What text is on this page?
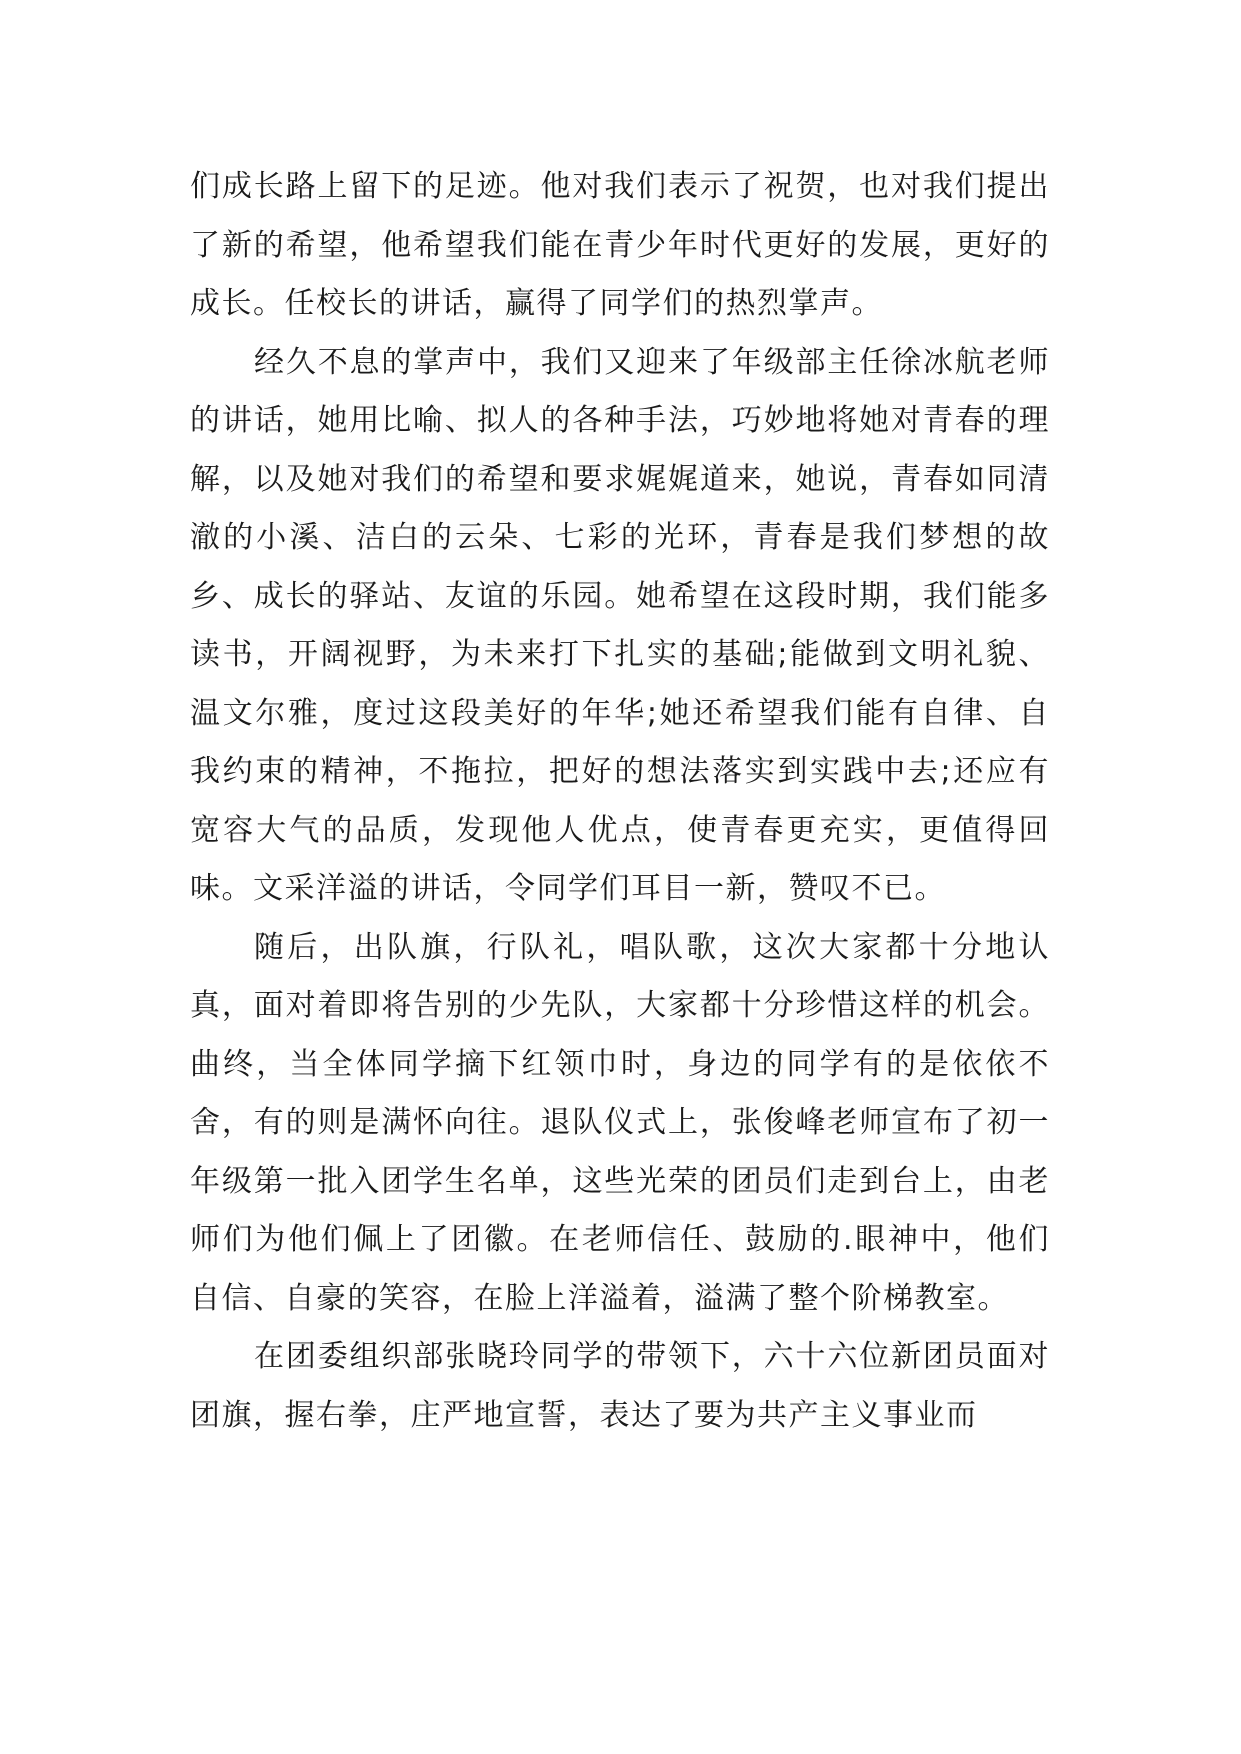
们成长路上留下的足迹。他对我们表示了祝贺，也对我们提出了新的希望，他希望我们能在青少年时代更好的发展，更好的成长。任校长的讲话，赢得了同学们的热烈掌声。

经久不息的掌声中，我们又迎来了年级部主任徐冰航老师的讲话，她用比喻、拟人的各种手法，巧妙地将她对青春的理解，以及她对我们的希望和要求娓娓道来，她说，青春如同清澈的小溪、洁白的云朵、七彩的光环，青春是我们梦想的故乡、成长的驿站、友谊的乐园。她希望在这段时期，我们能多读书，开阔视野，为未来打下扎实的基础;能做到文明礼貌、温文尔雅，度过这段美好的年华;她还希望我们能有自律、自我约束的精神，不拖拉，把好的想法落实到实践中去;还应有宽容大气的品质，发现他人优点，使青春更充实，更值得回味。文采洋溢的讲话，令同学们耳目一新，赞叹不已。

随后，出队旗，行队礼，唱队歌，这次大家都十分地认真，面对着即将告别的少先队，大家都十分珍惜这样的机会。曲终，当全体同学摘下红领巾时，身边的同学有的是依依不舍，有的则是满怀向往。退队仪式上，张俊峰老师宣布了初一年级第一批入团学生名单，这些光荣的团员们走到台上，由老师们为他们佩上了团徽。在老师信任、鼓励的.眼神中，他们自信、自豪的笑容，在脸上洋溢着，溢满了整个阶梯教室。

在团委组织部张晓玲同学的带领下，六十六位新团员面对团旗，握右拳，庄严地宣誓，表达了要为共产主义事业而
